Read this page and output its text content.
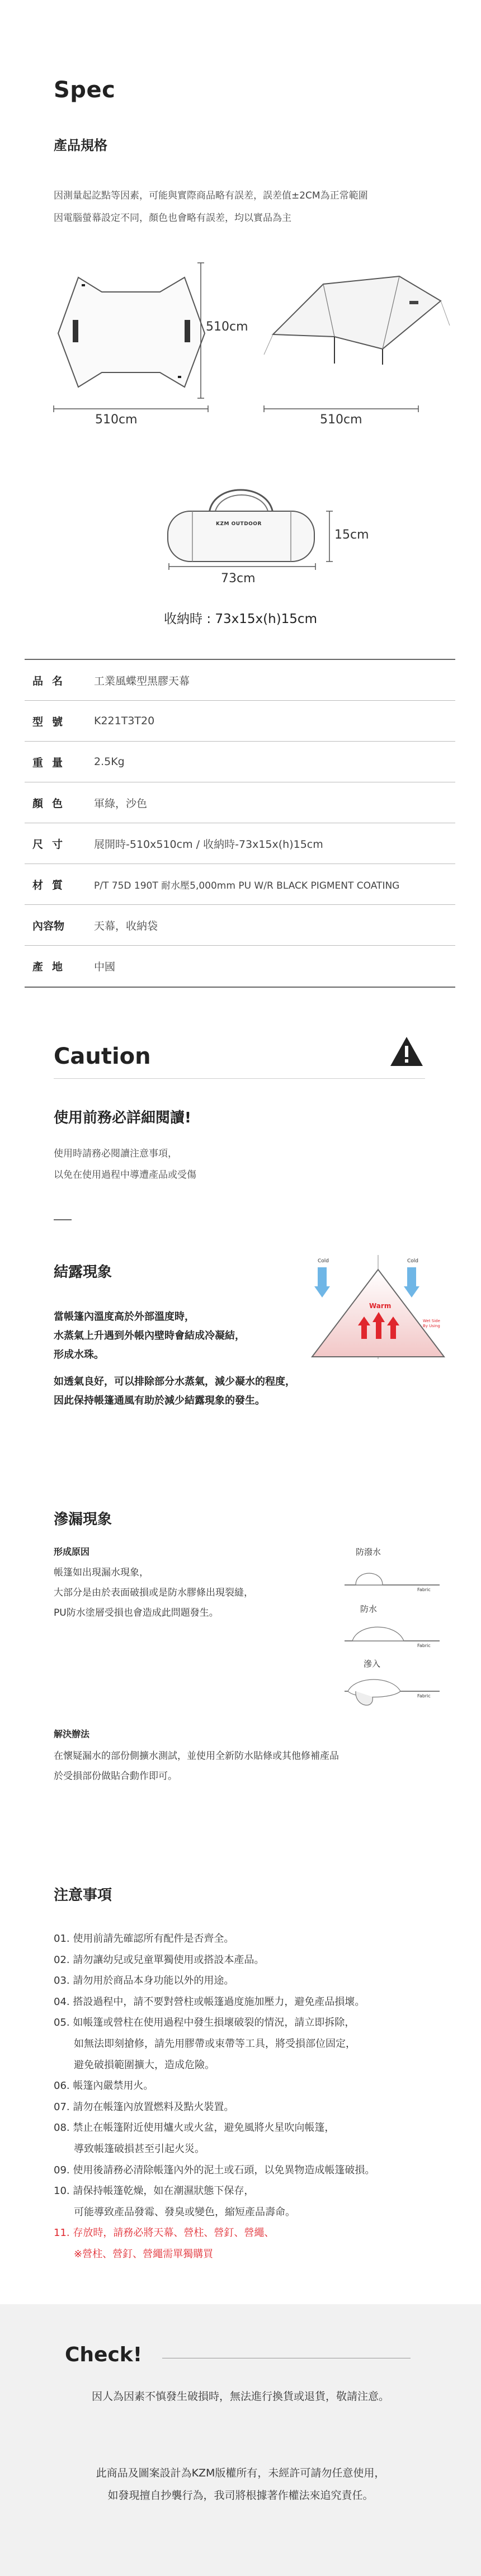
Spec
產品規格
因測量起訖點等因素，可能與實際商品略有誤差，誤差值±2CM為正常範圍
因電腦螢幕設定不同，顏色也會略有誤差，均以實品為主
510cm
510cm
510cm
KZM OUTDOOR
15cm
73cm
收納時 : 73x15x(h)15cm
品名	工業風蝶型黑膠天幕
型號	K221T3T20
重量	2.5Kg
顏色	軍綠，沙色
尺寸	展開時-510x510cm / 收納時-73x15x(h)15cm
材質	P/T 75D 190T 耐水壓5,000mm PU W/R BLACK PIGMENT COATING
內容物	天幕，收納袋
產地	中國
Caution
使用前務必詳細閱讀!
使用時請務必閱讀注意事項，
以免在使用過程中導遭產品或受傷
結露現象
當帳篷內溫度高於外部溫度時，
水蒸氣上升遇到外帳內壁時會結成冷凝結，
形成水珠。
如透氣良好，可以排除部分水蒸氣，減少凝水的程度，
因此保持帳篷通風有助於減少結露現象的發生。
Cold	Cold
Warm
Wet Side By Using
滲漏現象
形成原因
帳篷如出現漏水現象，
大部分是由於表面破損或是防水膠條出現裂縫，
PU防水塗層受損也會造成此問題發生。
防潑水
Fabric
防水
Fabric
滲入
Fabric
解決辦法
在懷疑漏水的部份側擴水測試，並使用全新防水貼條或其他修補產品
於受損部份做貼合動作即可。
注意事項
01. 使用前請先確認所有配件是否齊全。
02. 請勿讓幼兒或兒童單獨使用或搭設本產品。
03. 請勿用於商品本身功能以外的用途。
04. 搭設過程中，請不要對營柱或帳篷過度施加壓力，避免產品損壞。
05. 如帳篷或營柱在使用過程中發生損壞破裂的情況，請立即拆除，
如無法即刻搶修，請先用膠帶或束帶等工具，將受損部位固定，
避免破損範圍擴大，造成危險。
06. 帳篷內嚴禁用火。
07. 請勿在帳篷內放置燃料及點火裝置。
08. 禁止在帳篷附近使用爐火或火盆，避免風將火星吹向帳篷，
導致帳篷破損甚至引起火災。
09. 使用後請務必清除帳篷內外的泥土或石頭，以免異物造成帳篷破損。
10. 請保持帳篷乾燥，如在潮濕狀態下保存，
可能導致產品發霉、發臭或變色，縮短產品壽命。
11. 存放時，請務必將天幕、營柱、營釘、營繩、
※營柱、營釘、營繩需單獨購買
Check!
因人為因素不慎發生破損時，無法進行換貨或退貨，敬請注意。
此商品及圖案設計為KZM版權所有，未經許可請勿任意使用，
如發現擅自抄襲行為，我司將根據著作權法來追究責任。
